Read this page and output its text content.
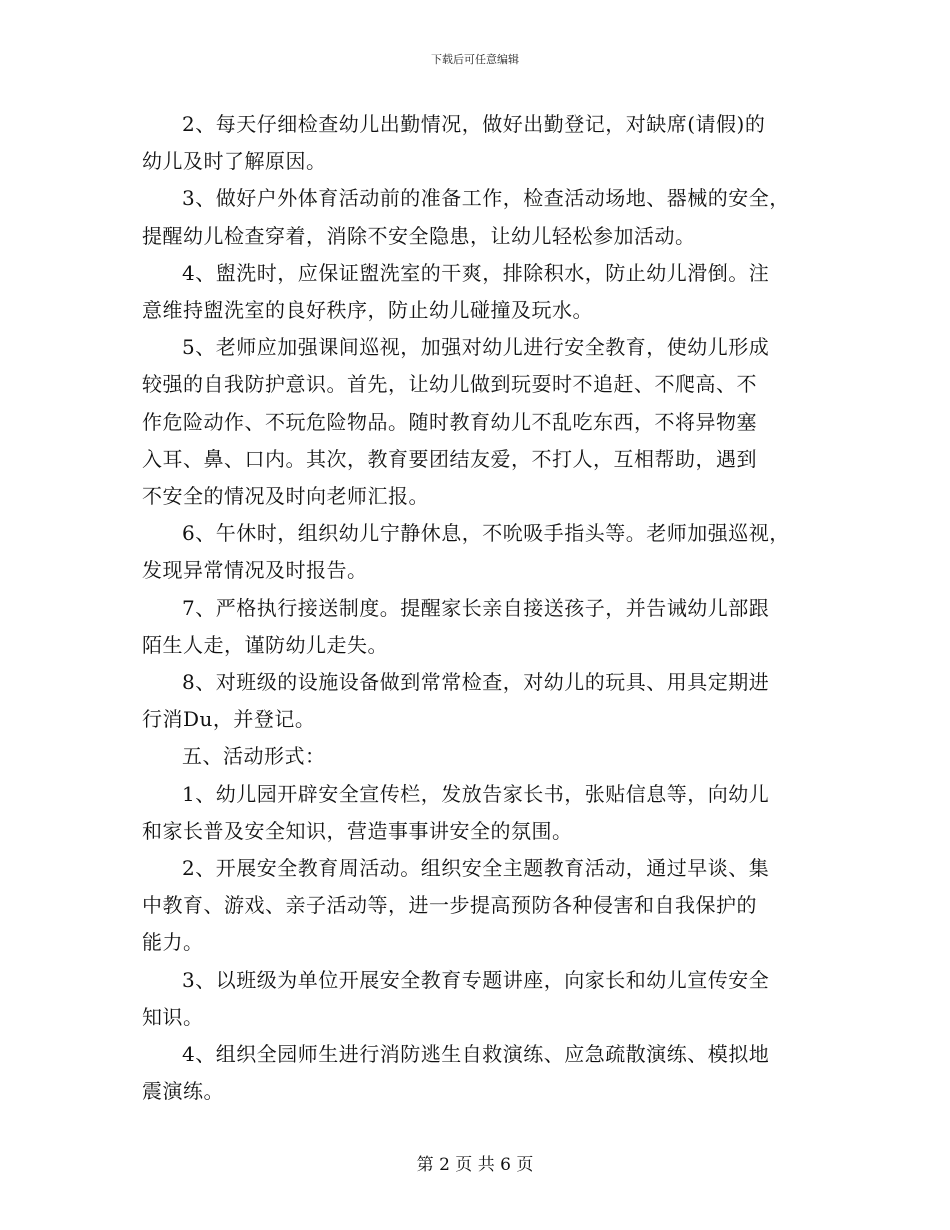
下载后可任意编辑

2、每天仔细检查幼儿出勤情况，做好出勤登记，对缺席(请假)的
幼儿及时了解原因。

3、做好户外体育活动前的准备工作，检查活动场地、器械的安全，
提醒幼儿检查穿着，消除不安全隐患，让幼儿轻松参加活动。

4、盥洗时，应保证盥洗室的干爽，排除积水，防止幼儿滑倒。注
意维持盥洗室的良好秩序，防止幼儿碰撞及玩水。

5、老师应加强课间巡视，加强对幼儿进行安全教育，使幼儿形成
较强的自我防护意识。首先，让幼儿做到玩耍时不追赶、不爬高、不
作危险动作、不玩危险物品。随时教育幼儿不乱吃东西，不将异物塞
入耳、鼻、口内。其次，教育要团结友爱，不打人，互相帮助，遇到
不安全的情况及时向老师汇报。

6、午休时，组织幼儿宁静休息，不吮吸手指头等。老师加强巡视，
发现异常情况及时报告。

7、严格执行接送制度。提醒家长亲自接送孩子，并告诫幼儿部跟
陌生人走，谨防幼儿走失。

8、对班级的设施设备做到常常检查，对幼儿的玩具、用具定期进
行消Du，并登记。

五、活动形式：

1、幼儿园开辟安全宣传栏，发放告家长书，张贴信息等，向幼儿
和家长普及安全知识，营造事事讲安全的氛围。

2、开展安全教育周活动。组织安全主题教育活动，通过早谈、集
中教育、游戏、亲子活动等，进一步提高预防各种侵害和自我保护的
能力。

3、以班级为单位开展安全教育专题讲座，向家长和幼儿宣传安全
知识。

4、组织全园师生进行消防逃生自救演练、应急疏散演练、模拟地
震演练。

第 2 页 共 6 页
